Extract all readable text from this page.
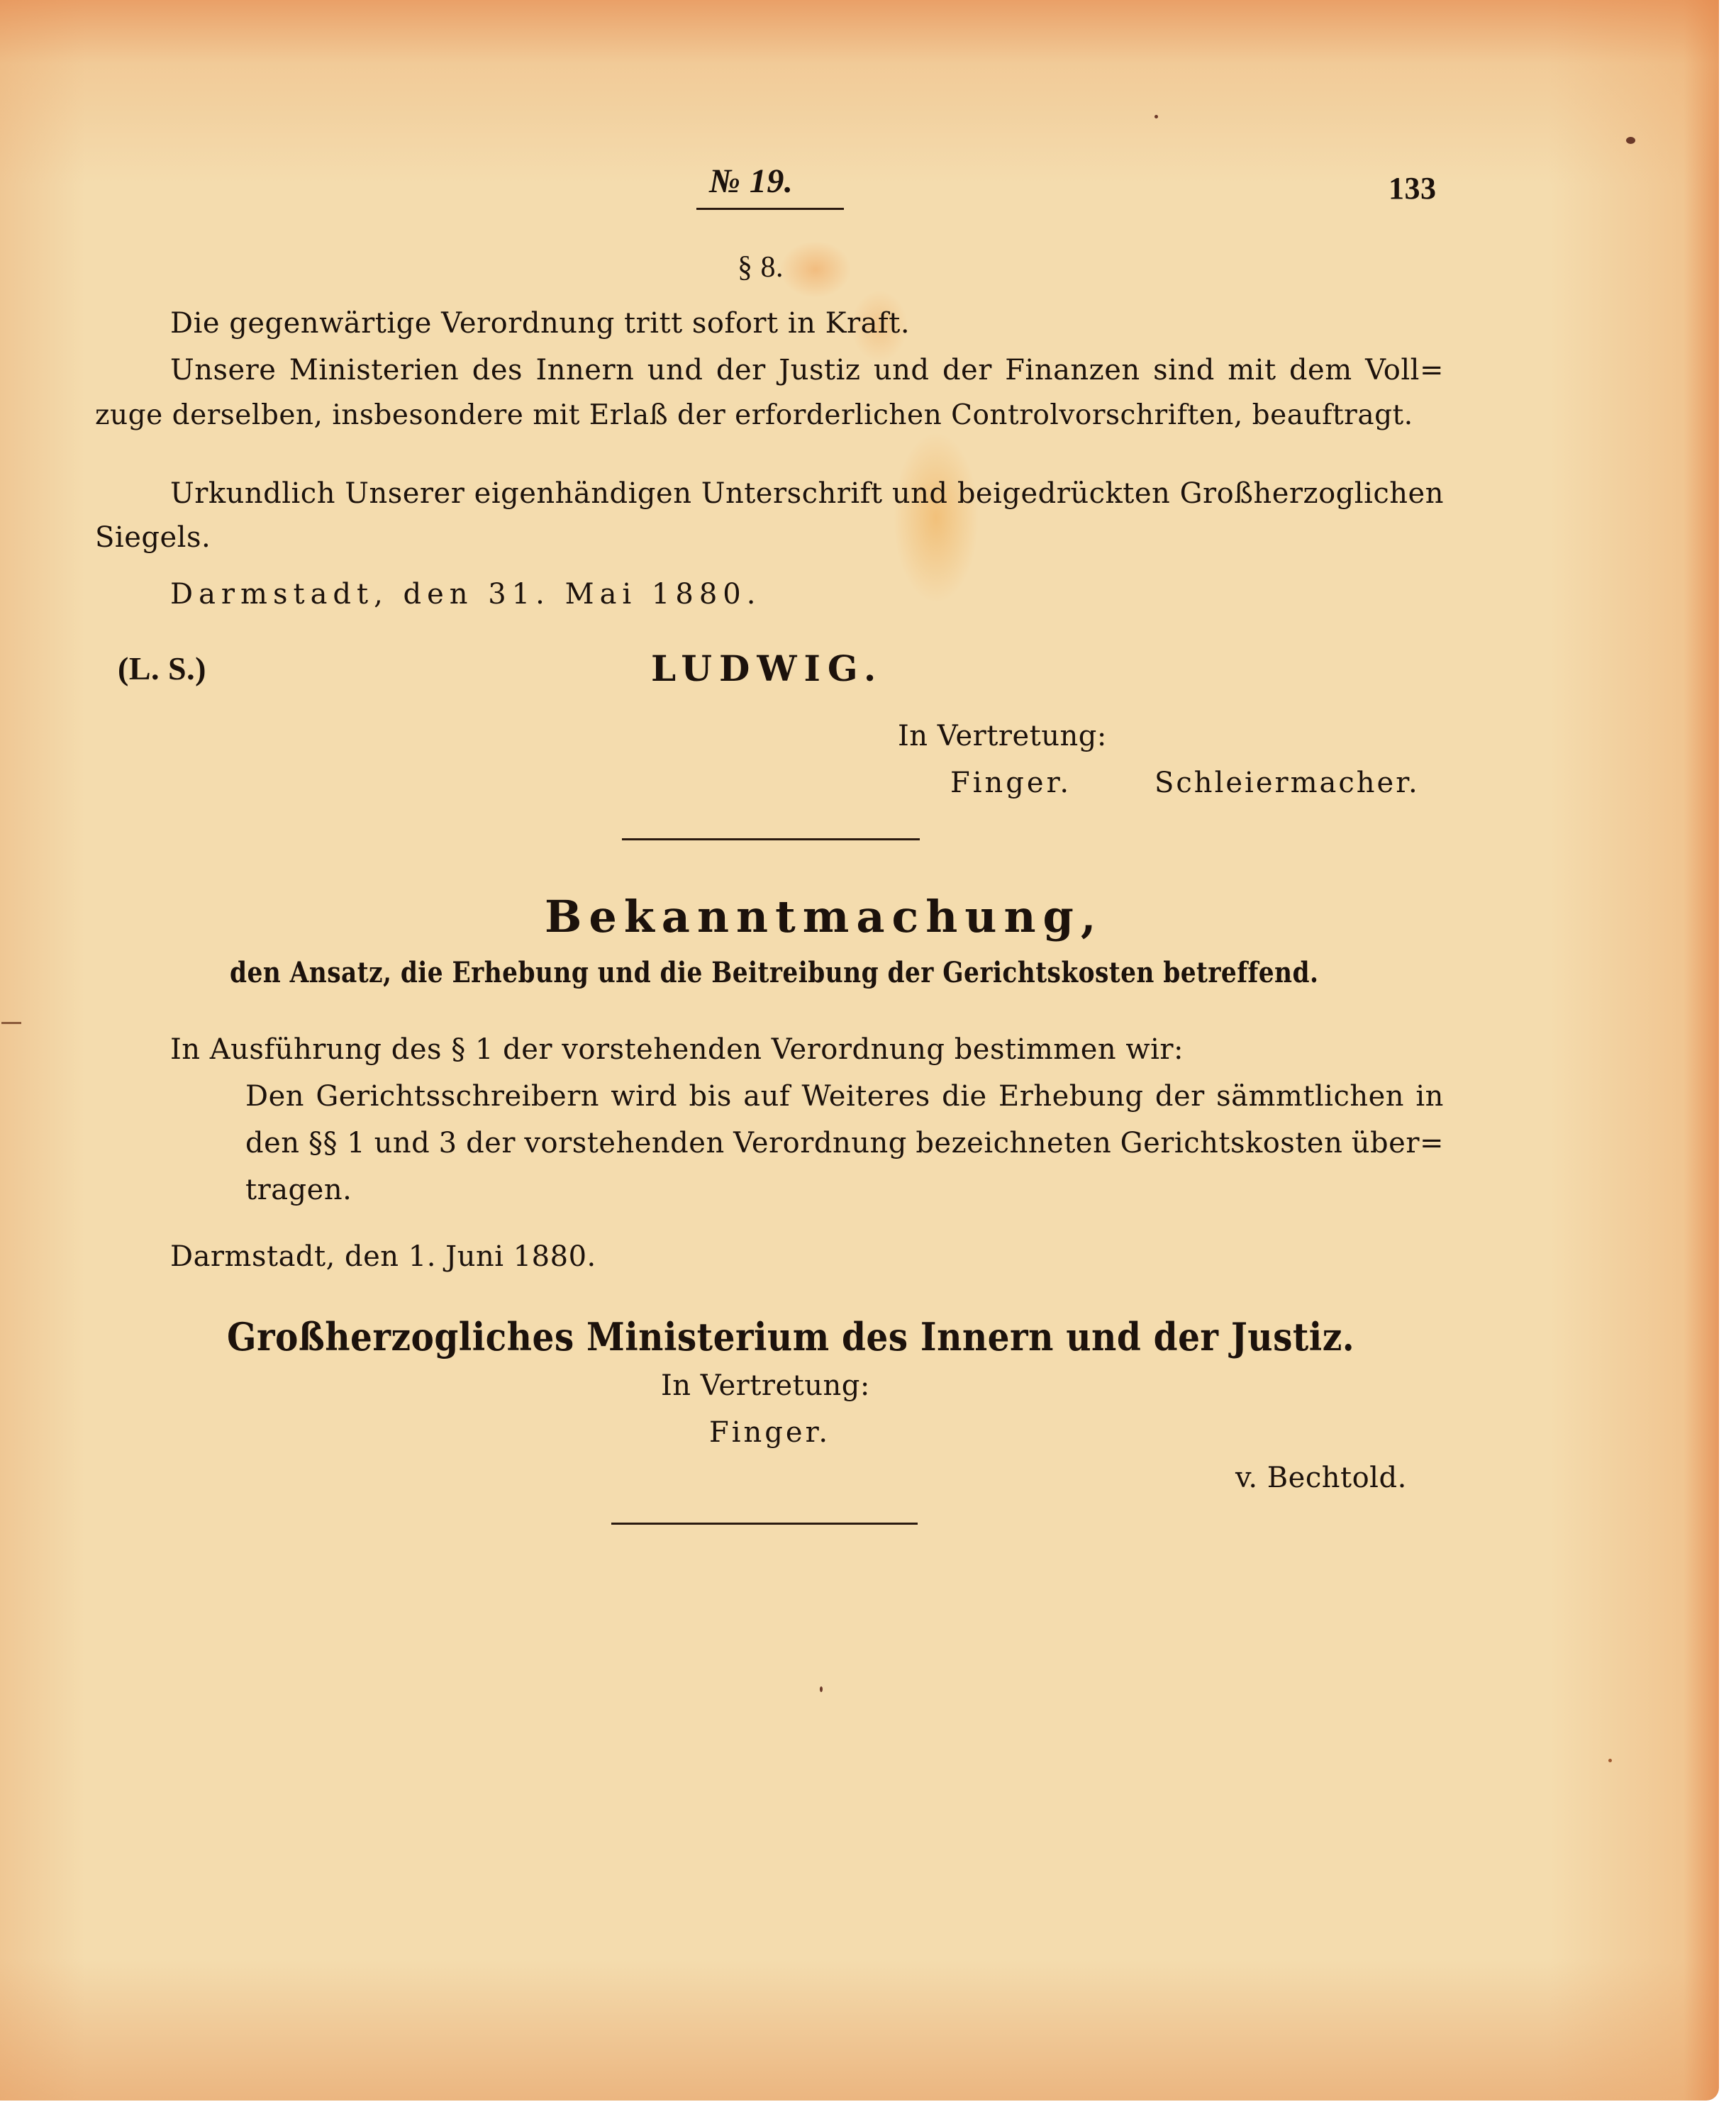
№ 19.	133
§ 8.
Die gegenwärtige Verordnung tritt sofort in Kraft.
Unsere Ministerien des Innern und der Justiz und der Finanzen sind mit dem Voll=
zuge derselben, insbesondere mit Erlaß der erforderlichen Controlvorschriften, beauftragt.
Urkundlich Unserer eigenhändigen Unterschrift und beigedrückten Großherzoglichen
Siegels.
Darmstadt, den 31. Mai 1880.
(L. S.)	LUDWIG.
In Vertretung:
Finger.	Schleiermacher.
Bekanntmachung,
den Ansatz, die Erhebung und die Beitreibung der Gerichtskosten betreffend.
In Ausführung des § 1 der vorstehenden Verordnung bestimmen wir:
Den Gerichtsschreibern wird bis auf Weiteres die Erhebung der sämmtlichen in
den §§ 1 und 3 der vorstehenden Verordnung bezeichneten Gerichtskosten über=
tragen.
Darmstadt, den 1. Juni 1880.
Großherzogliches Ministerium des Innern und der Justiz.
In Vertretung:
Finger.
v. Bechtold.
